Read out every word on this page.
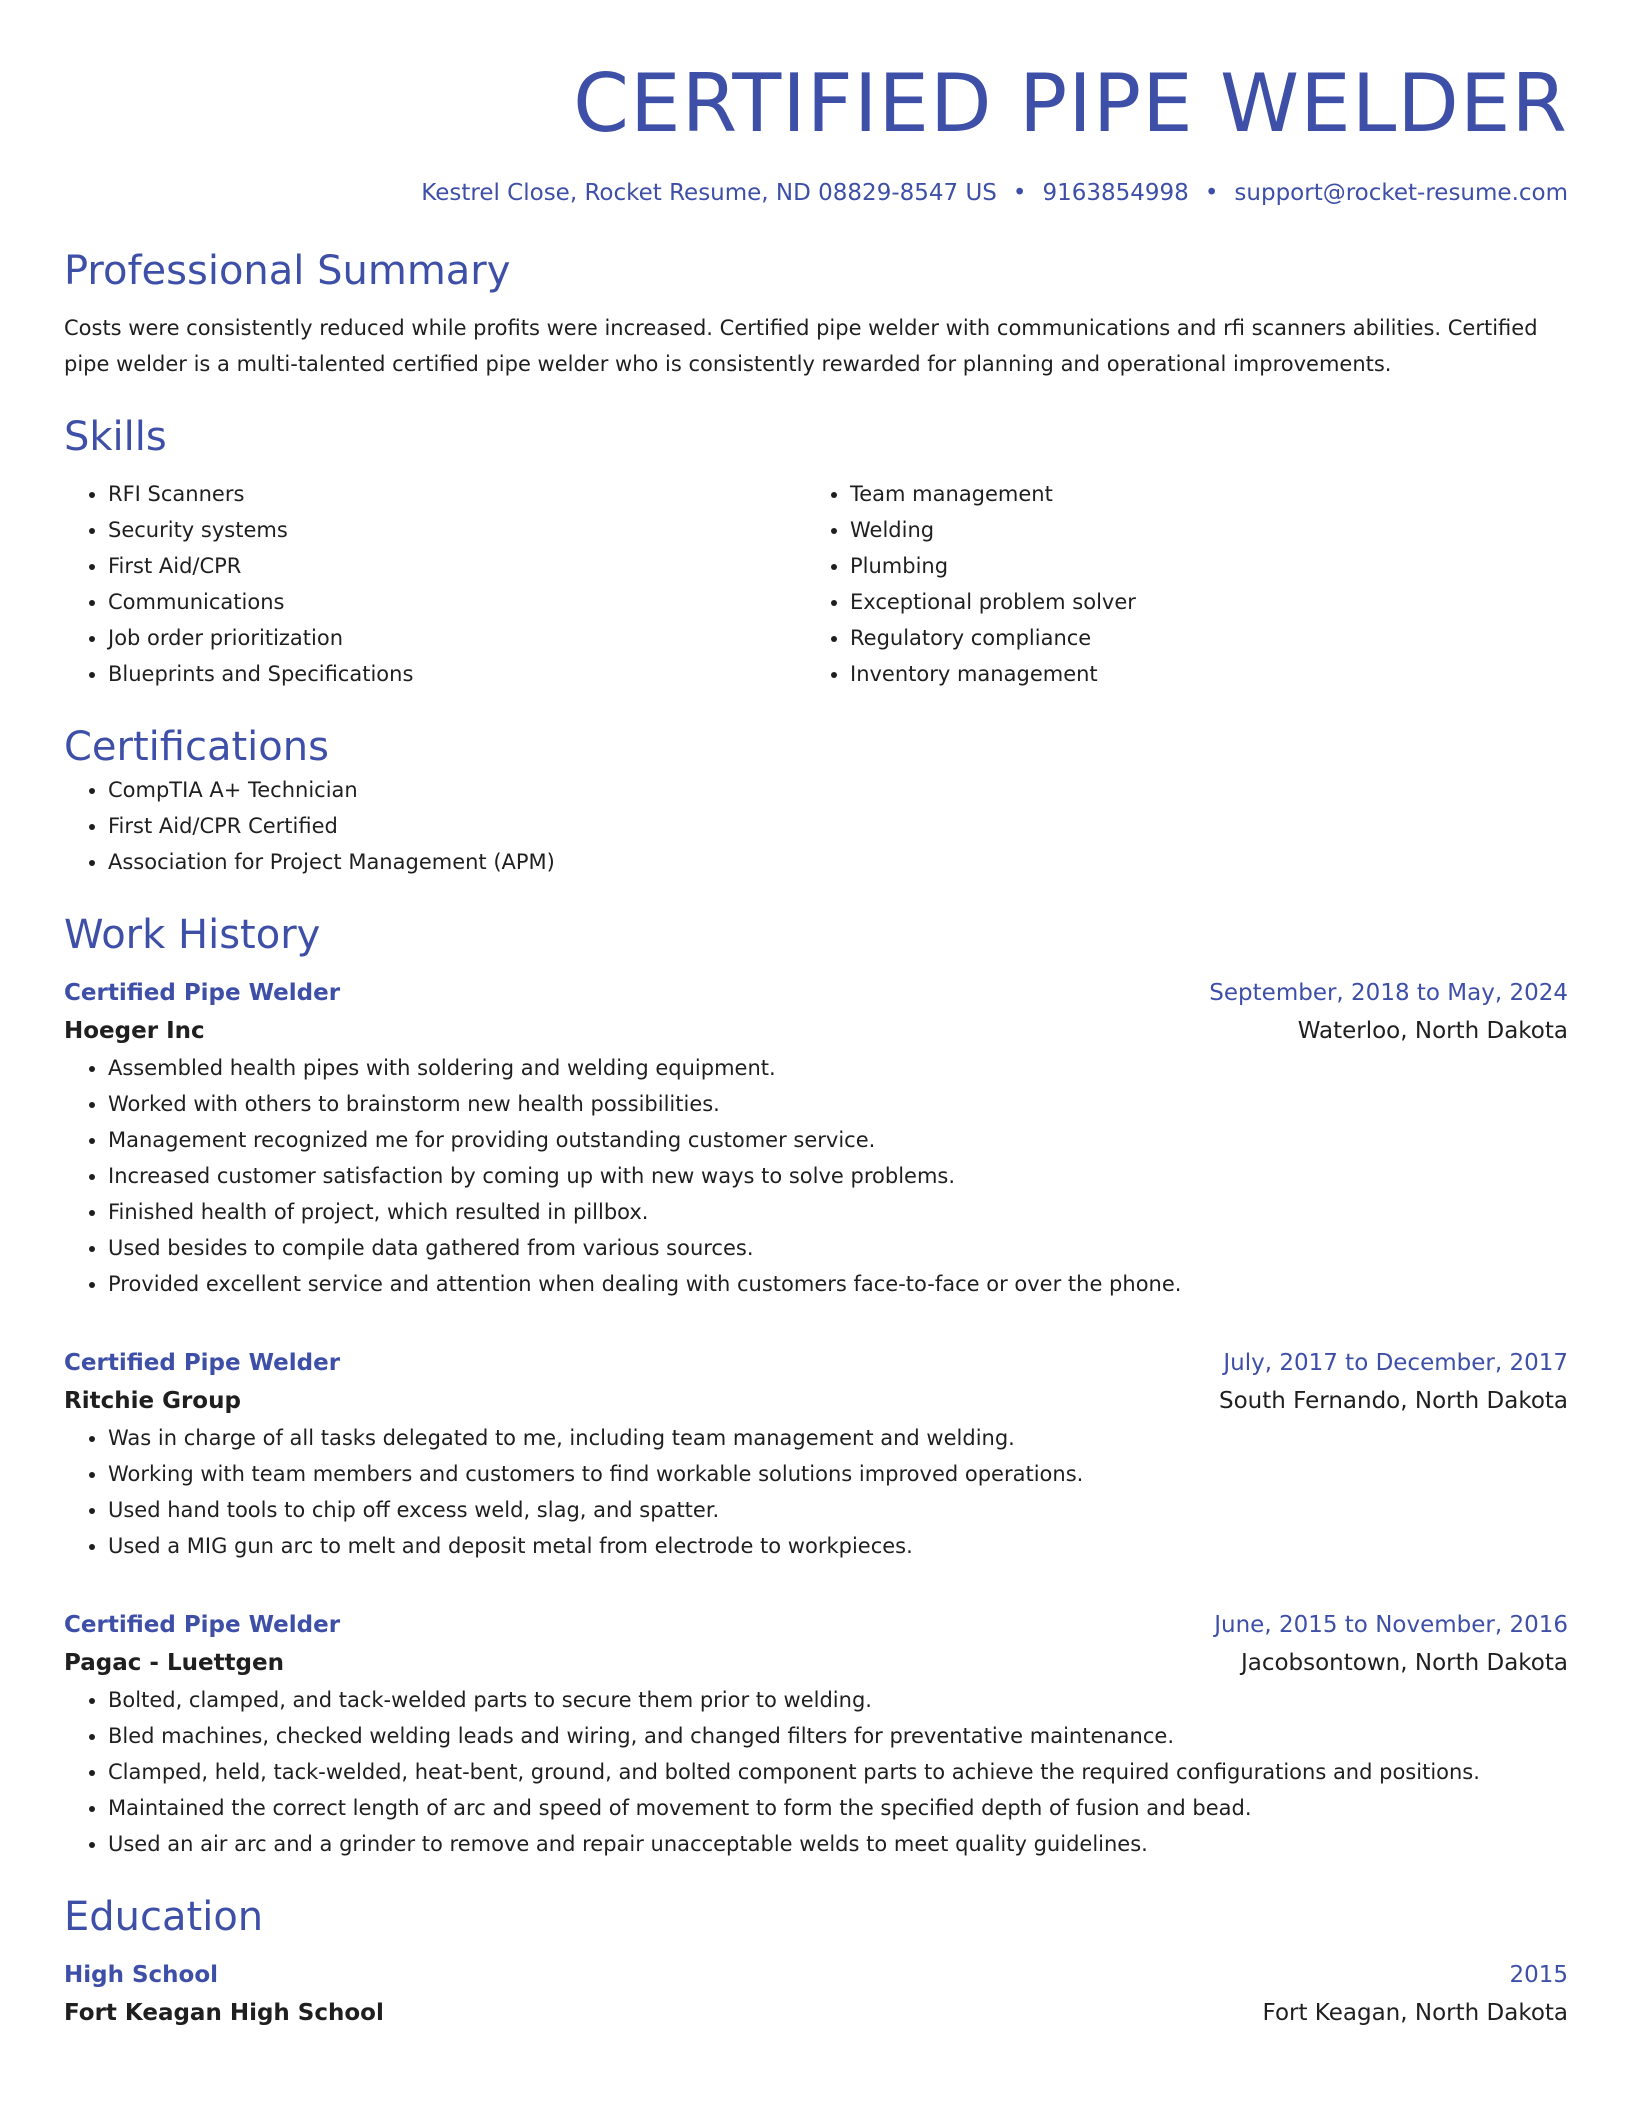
CERTIFIED PIPE WELDER
Kestrel Close, Rocket Resume, ND 08829-8547 US • 9163854998 • support@rocket-resume.com
Professional Summary
Costs were consistently reduced while profits were increased. Certified pipe welder with communications and rfi scanners abilities. Certified pipe welder is a multi-talented certified pipe welder who is consistently rewarded for planning and operational improvements.
Skills
• RFI Scanners
• Security systems
• First Aid/CPR
• Communications
• Job order prioritization
• Blueprints and Specifications
• Team management
• Welding
• Plumbing
• Exceptional problem solver
• Regulatory compliance
• Inventory management
Certifications
• CompTIA A+ Technician
• First Aid/CPR Certified
• Association for Project Management (APM)
Work History
Certified Pipe Welder	September, 2018 to May, 2024
Hoeger Inc	Waterloo, North Dakota
• Assembled health pipes with soldering and welding equipment.
• Worked with others to brainstorm new health possibilities.
• Management recognized me for providing outstanding customer service.
• Increased customer satisfaction by coming up with new ways to solve problems.
• Finished health of project, which resulted in pillbox.
• Used besides to compile data gathered from various sources.
• Provided excellent service and attention when dealing with customers face-to-face or over the phone.
Certified Pipe Welder	July, 2017 to December, 2017
Ritchie Group	South Fernando, North Dakota
• Was in charge of all tasks delegated to me, including team management and welding.
• Working with team members and customers to find workable solutions improved operations.
• Used hand tools to chip off excess weld, slag, and spatter.
• Used a MIG gun arc to melt and deposit metal from electrode to workpieces.
Certified Pipe Welder	June, 2015 to November, 2016
Pagac - Luettgen	Jacobsontown, North Dakota
• Bolted, clamped, and tack-welded parts to secure them prior to welding.
• Bled machines, checked welding leads and wiring, and changed filters for preventative maintenance.
• Clamped, held, tack-welded, heat-bent, ground, and bolted component parts to achieve the required configurations and positions.
• Maintained the correct length of arc and speed of movement to form the specified depth of fusion and bead.
• Used an air arc and a grinder to remove and repair unacceptable welds to meet quality guidelines.
Education
High School	2015
Fort Keagan High School	Fort Keagan, North Dakota
